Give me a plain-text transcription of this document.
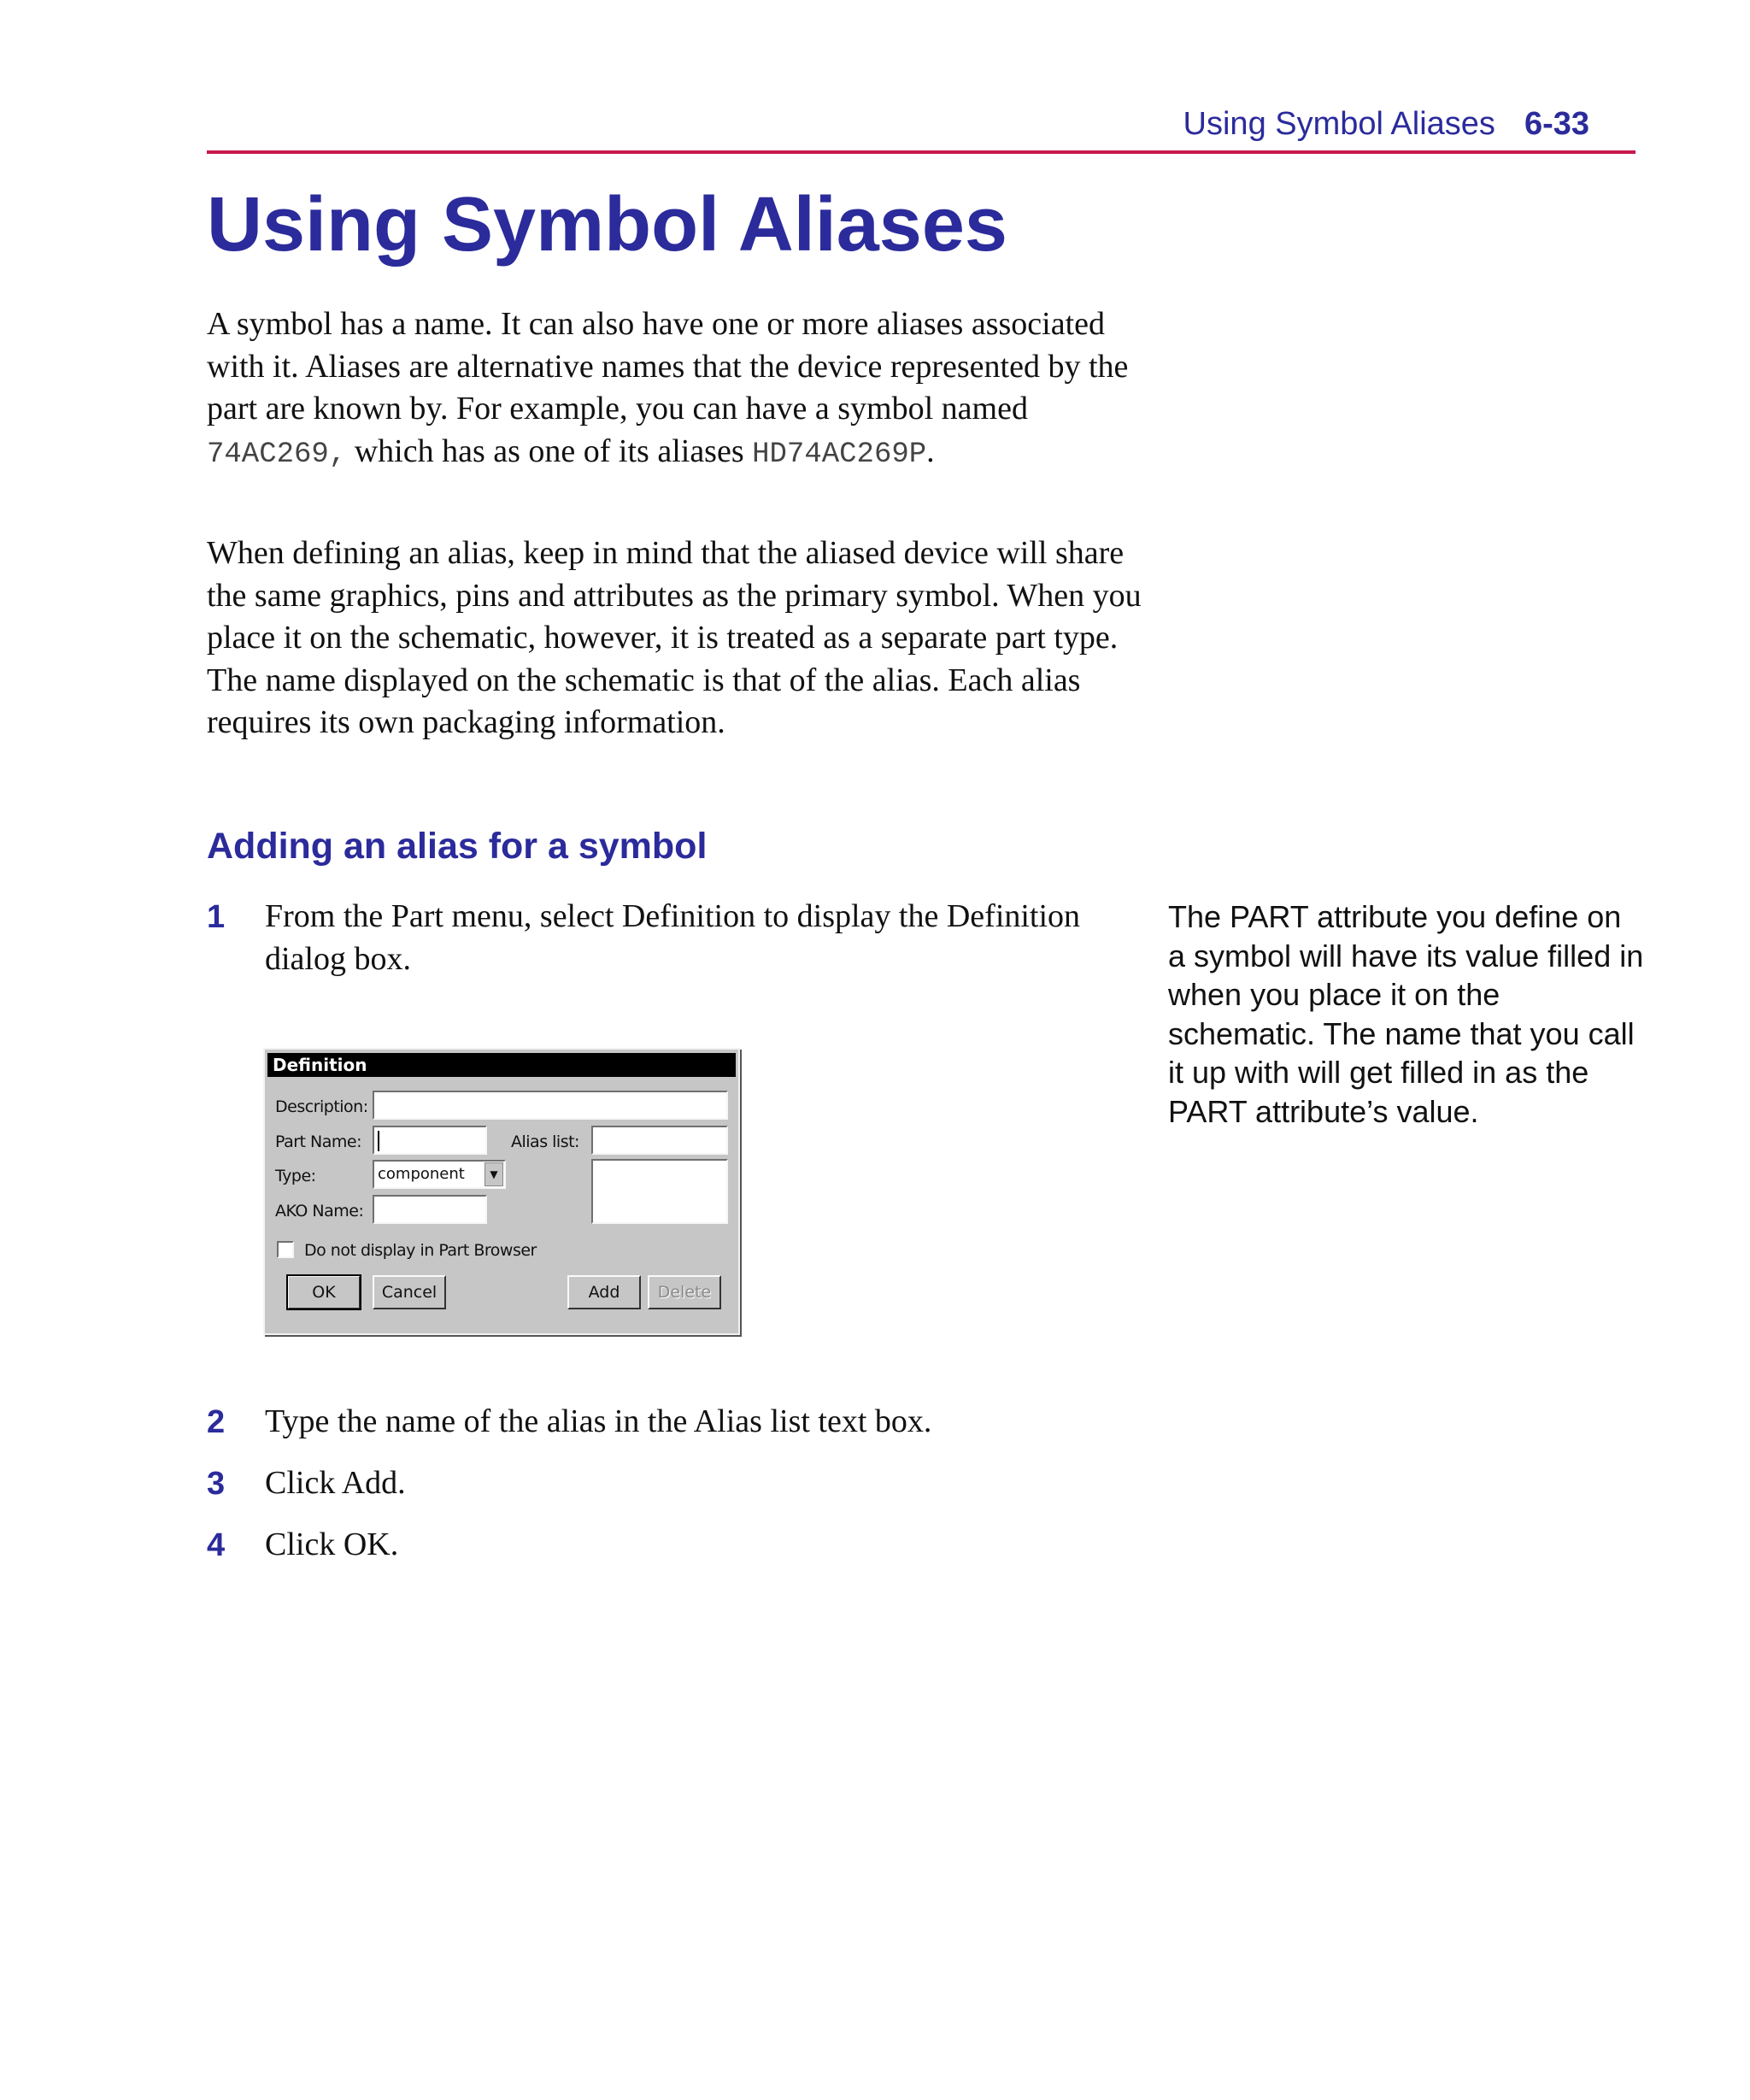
Using Symbol Aliases 6-33
Using Symbol Aliases
A symbol has a name. It can also have one or more aliases associated with it. Aliases are alternative names that the device represented by the part are known by. For example, you can have a symbol named 74AC269, which has as one of its aliases HD74AC269P.
When defining an alias, keep in mind that the aliased device will share the same graphics, pins and attributes as the primary symbol. When you place it on the schematic, however, it is treated as a separate part type. The name displayed on the schematic is that of the alias. Each alias requires its own packaging information.
Adding an alias for a symbol
1 From the Part menu, select Definition to display the Definition dialog box.
The PART attribute you define on a symbol will have its value filled in when you place it on the schematic. The name that you call it up with will get filled in as the PART attribute’s value.
Definition
Description:
Part Name:	Alias list:
Type:	component	▼
AKO Name:
Do not display in Part Browser
OK	Cancel	Add	Delete
2 Type the name of the alias in the Alias list text box.
3 Click Add.
4 Click OK.
